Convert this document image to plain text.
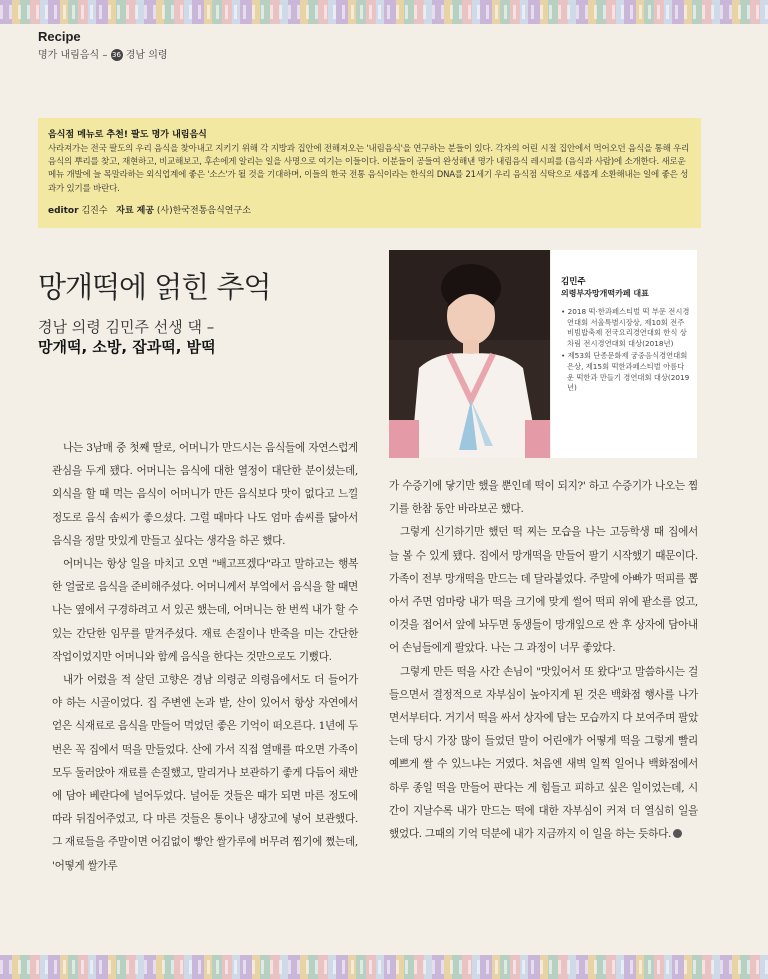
Recipe
명가 내림음식 – 36 경남 의령
음식점 메뉴로 추천! 팔도 명가 내림음식
사라져가는 전국 팔도의 우리 음식을 찾아내고 지키기 위해 각 지방과 집안에 전해져오는 '내림음식'을 연구하는 분들이 있다. 각자의 어린 시절 집안에서 먹어오던 음식을 통해 우리 음식의 뿌리를 찾고, 재현하고, 비교해보고, 후손에게 알리는 일을 사명으로 여기는 이들이다. 이분들이 공들여 완성해낸 명가 내림음식 레시피를 (음식과 사람)에 소개한다. 새로운 메뉴 개발에 늘 목말라하는 외식업계에 좋은 '소스'가 될 것을 기대하며, 이들의 한국 전통 음식이라는 한식의 DNA를 21세기 우리 음식점 식탁으로 새롭게 소환해내는 일에 좋은 성과가 있기를 바란다.
editor 김진수 자료 제공 (사)한국전통음식연구소
망개떡에 얽힌 추억
경남 의령 김민주 선생 댁 –
망개떡, 소방, 잡과떡, 밤떡
김민주
의령부자망개떡카페 대표
• 2018 떡·한과페스티벌 떡 부문 전시경연대회 서울특별시장상, 제10회 전주비빔밥축제 전국요리경연대회 한식 상차림 전시경연대회 대상(2018년)
• 제53회 단종문화제 궁중음식경연대회 은상, 제15회 떡한과페스티벌 아름다운 떡한과 만들기 경연대회 대상(2019년)

나는 3남매 중 첫째 딸로, 어머니가 만드시는 음식들에 자연스럽게 관심을 두게 됐다. 어머니는 음식에 대한 열정이 대단한 분이셨는데, 외식을 할 때 먹는 음식이 어머니가 만든 음식보다 맛이 없다고 느낄 정도로 음식 솜씨가 좋으셨다. 그럴 때마다 나도 엄마 솜씨를 닮아서 음식을 정말 맛있게 만들고 싶다는 생각을 하곤 했다.

어머니는 항상 일을 마치고 오면 "배고프겠다"라고 말하고는 행복한 얼굴로 음식을 준비해주셨다. 어머니께서 부엌에서 음식을 할 때면 나는 옆에서 구경하려고 서 있곤 했는데, 어머니는 한 번씩 내가 할 수 있는 간단한 임무를 맡겨주셨다. 재료 손질이나 반죽을 미는 간단한 작업이었지만 어머니와 함께 음식을 한다는 것만으로도 기뻤다.

내가 어렸을 적 살던 고향은 경남 의령군 의령읍에서도 더 들어가야 하는 시골이었다. 집 주변엔 논과 밭, 산이 있어서 항상 자연에서 얻은 식재료로 음식을 만들어 먹었던 좋은 기억이 떠오른다. 1년에 두 번은 꼭 집에서 떡을 만들었다. 산에 가서 직접 열매를 따오면 가족이 모두 둘러앉아 재료를 손질했고, 말리거나 보관하기 좋게 다듬어 채반에 담아 베란다에 널어두었다. 널어둔 것들은 때가 되면 마른 정도에 따라 뒤집어주었고, 다 마른 것들은 통이나 냉장고에 넣어 보관했다. 그 재료들을 주말이면 어김없이 빻안 쌀가루에 버무려 찜기에 쪘는데, '어떻게 쌀가루

가 수증기에 닿기만 했을 뿐인데 떡이 되지?' 하고 수증기가 나오는 찜기를 한참 동안 바라보곤 했다.

그렇게 신기하기만 했던 떡 찌는 모습을 나는 고등학생 때 집에서 늘 볼 수 있게 됐다. 집에서 망개떡을 만들어 팔기 시작했기 때문이다. 가족이 전부 망개떡을 만드는 데 달라붙었다. 주말에 아빠가 떡피를 뽑아서 주면 엄마랑 내가 떡을 크기에 맞게 썰어 떡피 위에 팥소를 얹고, 이것을 접어서 앞에 놔두면 동생들이 망개잎으로 싼 후 상자에 담아내어 손님들에게 팔았다. 나는 그 과정이 너무 좋았다.

그렇게 만든 떡을 사간 손님이 "맛있어서 또 왔다"고 말씀하시는 걸 들으면서 결정적으로 자부심이 높아지게 된 것은 백화점 행사를 나가면서부터다. 거기서 떡을 싸서 상자에 담는 모습까지 다 보여주며 팔았는데 당시 가장 많이 들었던 말이 어린애가 어떻게 떡을 그렇게 빨리 예쁘게 쌀 수 있느냐는 거였다. 처음엔 새벽 일찍 일어나 백화점에서 하루 종일 떡을 만들어 판다는 게 힘들고 피하고 싶은 일이었는데, 시간이 지날수록 내가 만드는 떡에 대한 자부심이 커져 더 열심히 일을 했었다. 그때의 기억 덕분에 내가 지금까지 이 일을 하는 듯하다.
